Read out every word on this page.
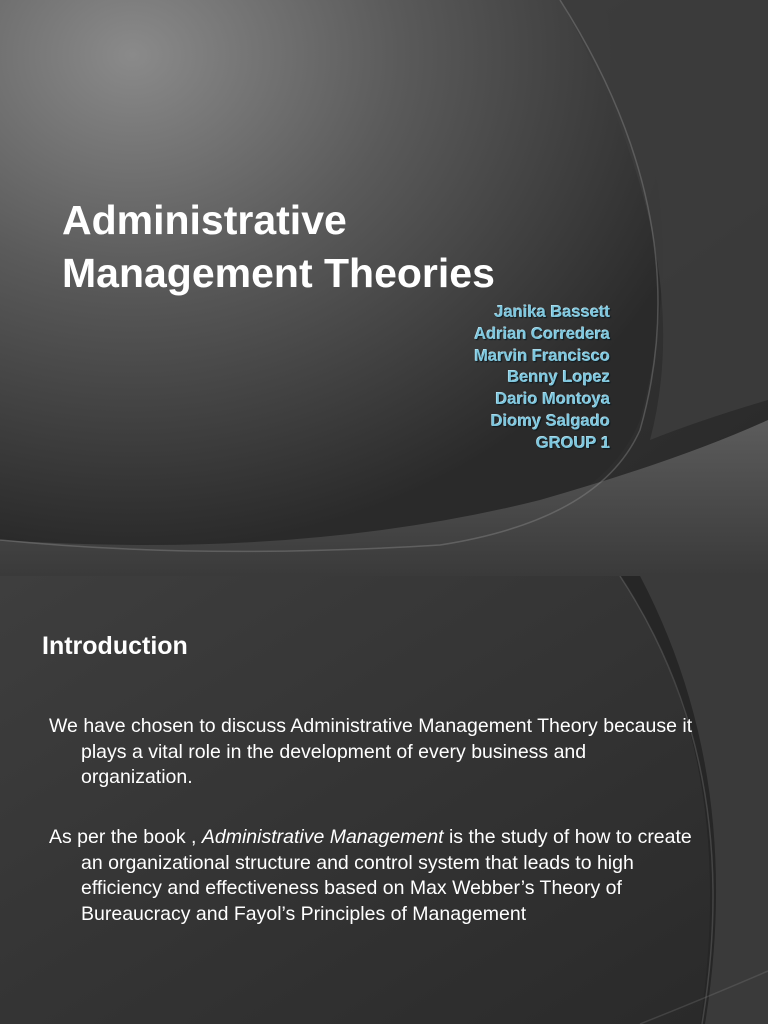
Administrative
Management Theories
Janika Bassett
Adrian Corredera
Marvin Francisco
Benny Lopez
Dario Montoya
Diomy Salgado
GROUP 1
Introduction

We have chosen to discuss Administrative Management Theory because it plays a vital role in the development of every business and organization.

As per the book , Administrative Management is the study of how to create an organizational structure and control system that leads to high efficiency and effectiveness based on Max Webber’s Theory of Bureaucracy and Fayol’s Principles of Management
